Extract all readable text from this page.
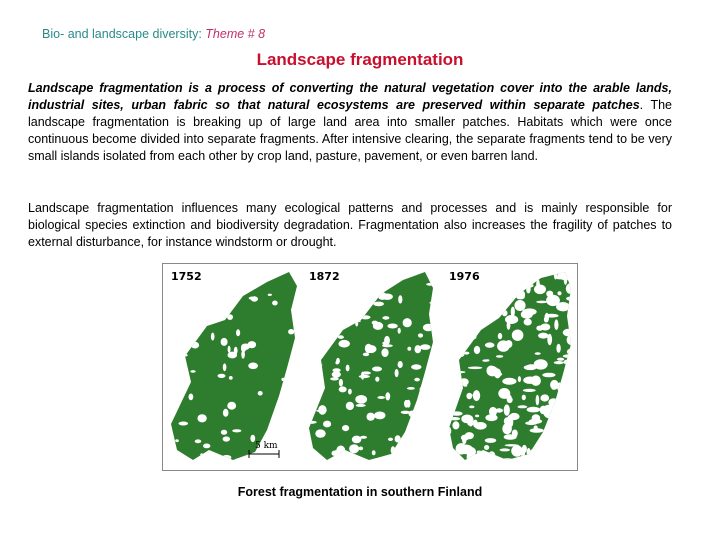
Bio- and landscape diversity: Theme # 8
Landscape fragmentation
Landscape fragmentation is a process of converting the natural vegetation cover into the arable lands, industrial sites, urban fabric so that natural ecosystems are preserved within separate patches. The landscape fragmentation is breaking up of large land area into smaller patches. Habitats which were once continuous become divided into separate fragments. After intensive clearing, the separate fragments tend to be very small islands isolated from each other by crop land, pasture, pavement, or even barren land.
Landscape fragmentation influences many ecological patterns and processes and is mainly responsible for biological species extinction and biodiversity degradation. Fragmentation also increases the fragility of patches to external disturbance, for instance windstorm or drought.
1752	1872	1976
5 km
Forest fragmentation in southern Finland
